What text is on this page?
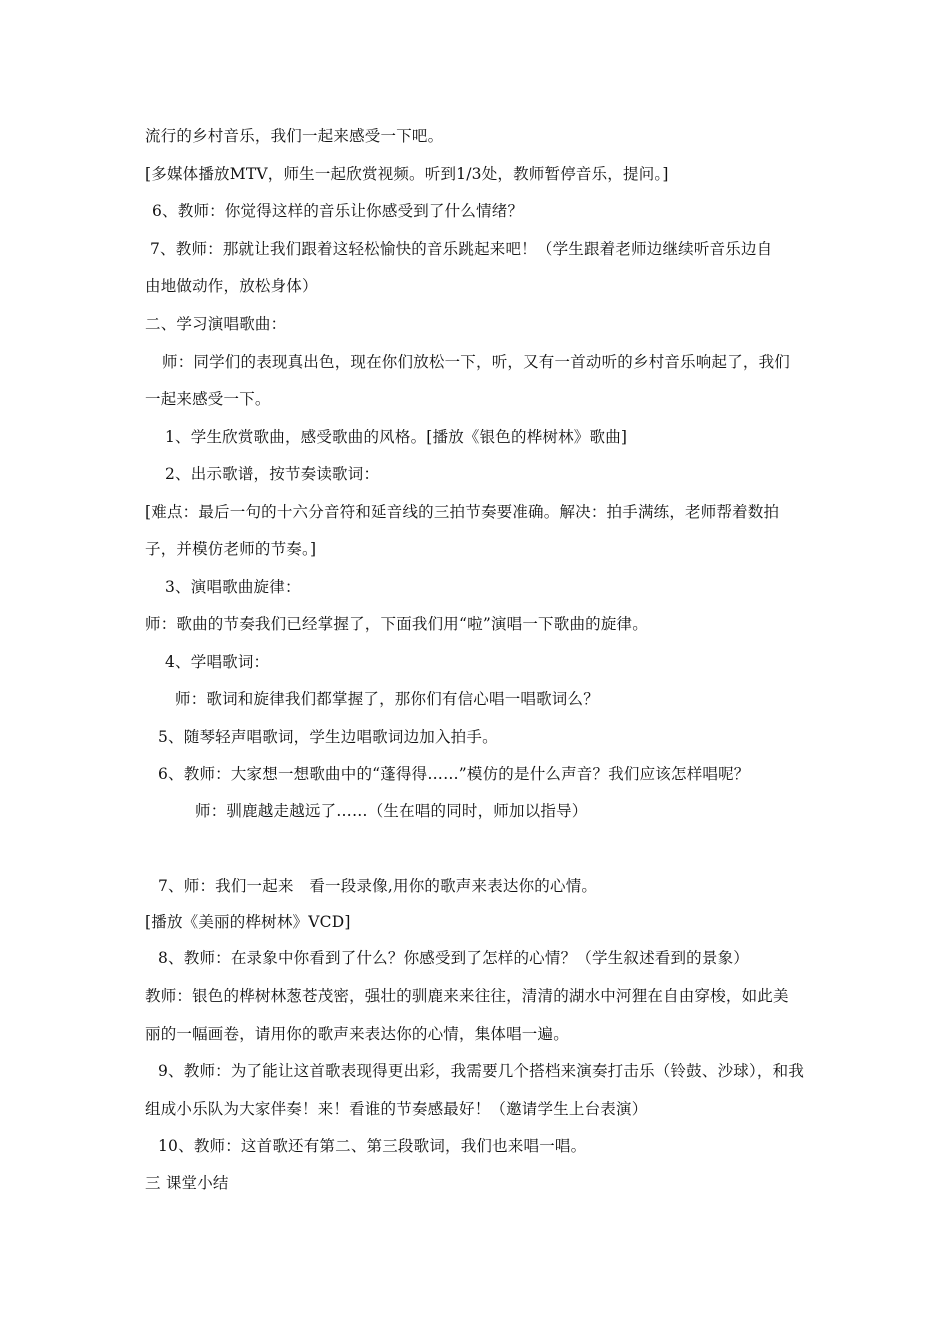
流行的乡村音乐，我们一起来感受一下吧。
[多媒体播放MTV，师生一起欣赏视频。听到1/3处，教师暂停音乐，提问。]
6、教师：你觉得这样的音乐让你感受到了什么情绪？
7、教师：那就让我们跟着这轻松愉快的音乐跳起来吧！（学生跟着老师边继续听音乐边自
由地做动作，放松身体）
二、学习演唱歌曲：
师：同学们的表现真出色，现在你们放松一下，听，又有一首动听的乡村音乐响起了，我们
一起来感受一下。
1、学生欣赏歌曲，感受歌曲的风格。[播放《银色的桦树林》歌曲]
2、出示歌谱，按节奏读歌词：
[难点：最后一句的十六分音符和延音线的三拍节奏要准确。解决：拍手满练，老师帮着数拍
子，并模仿老师的节奏。]
3、演唱歌曲旋律：
师：歌曲的节奏我们已经掌握了，下面我们用“啦”演唱一下歌曲的旋律。
4、学唱歌词：
师：歌词和旋律我们都掌握了，那你们有信心唱一唱歌词么？
5、随琴轻声唱歌词，学生边唱歌词边加入拍手。
6、教师：大家想一想歌曲中的“蓬得得……”模仿的是什么声音？我们应该怎样唱呢？
师：驯鹿越走越远了……（生在唱的同时，师加以指导）
7、师：我们一起来　看一段录像,用你的歌声来表达你的心情。
[播放《美丽的桦树林》VCD]
8、教师：在录象中你看到了什么？你感受到了怎样的心情？（学生叙述看到的景象）
教师：银色的桦树林葱苍茂密，强壮的驯鹿来来往往，清清的湖水中河狸在自由穿梭，如此美
丽的一幅画卷，请用你的歌声来表达你的心情，集体唱一遍。
9、教师：为了能让这首歌表现得更出彩，我需要几个搭档来演奏打击乐（铃鼓、沙球），和我
组成小乐队为大家伴奏！来！看谁的节奏感最好！（邀请学生上台表演）
10、教师：这首歌还有第二、第三段歌词，我们也来唱一唱。
三 课堂小结
